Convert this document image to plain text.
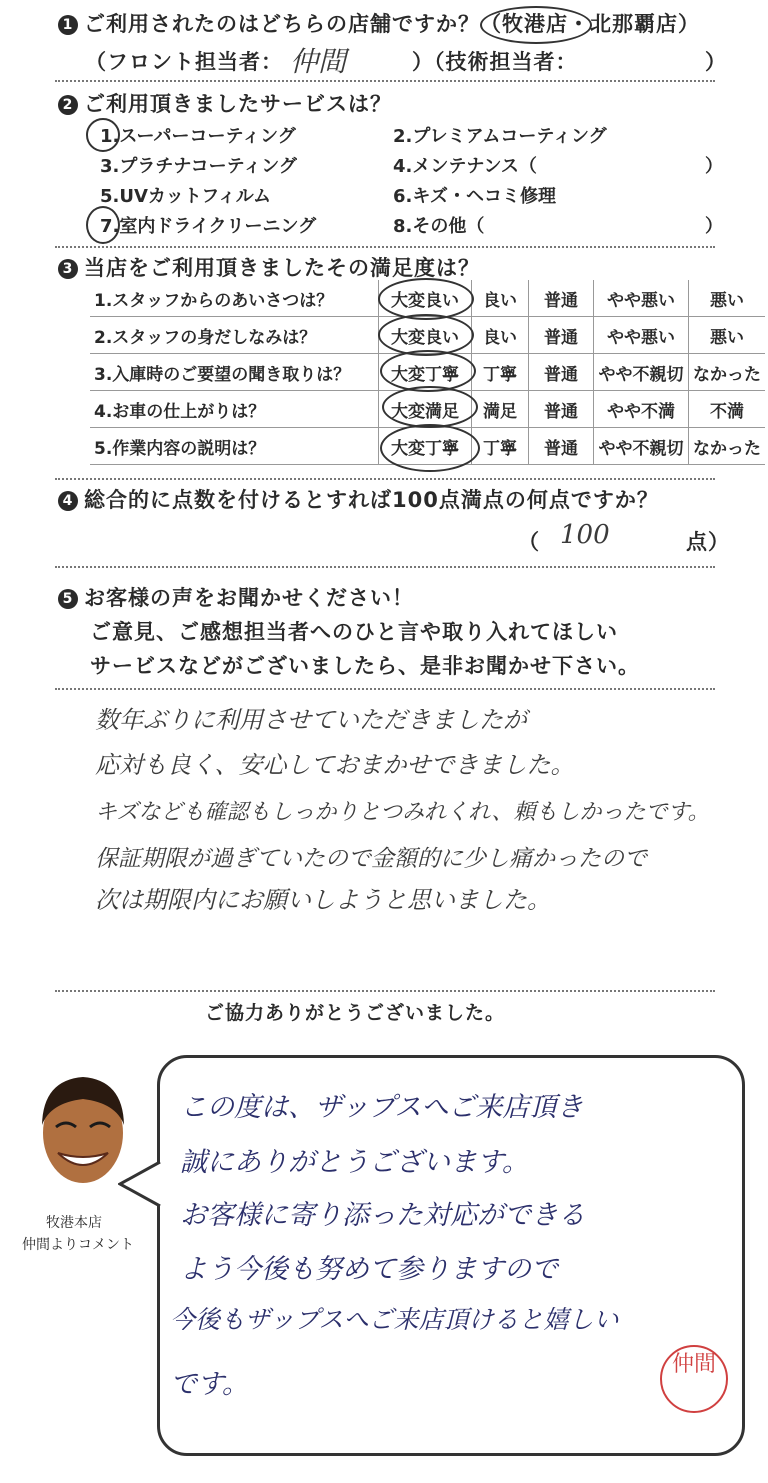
1 ご利用されたのはどちらの店舗ですか？（牧港店・北那覇店）
（フロント担当者： 仲間	）（技術担当者：	）
2 ご利用頂きましたサービスは？
1.スーパーコーティング	2.プレミアムコーティング
3.プラチナコーティング	4.メンテナンス（	）
5.UVカットフィルム	6.キズ・ヘコミ修理
7.室内ドライクリーニング	8.その他（	）
3 当店をご利用頂きましたその満足度は？
1.スタッフからのあいさつは？	大変良い	良い	普通	やや悪い	悪い
2.スタッフの身だしなみは？	大変良い	良い	普通	やや悪い	悪い
3.入庫時のご要望の聞き取りは？	大変丁寧	丁寧	普通	やや不親切	なかった
4.お車の仕上がりは？	大変満足	満足	普通	やや不満	不満
5.作業内容の説明は？	大変丁寧	丁寧	普通	やや不親切	なかった
4 総合的に点数を付けるとすれば100点満点の何点ですか？
（ 100	点）
5 お客様の声をお聞かせください！
ご意見、ご感想担当者へのひと言や取り入れてほしい
サービスなどがございましたら、是非お聞かせ下さい。
数年ぶりに利用させていただきましたが
応対も良く、安心しておまかせできました。
キズなども確認もしっかりとつみれくれ、頼もしかったです。
保証期限が過ぎていたので金額的に少し痛かったので
次は期限内にお願いしようと思いました。
ご協力ありがとうございました。
牧港本店
仲間よりコメント
この度は、ザップスへご来店頂き
誠にありがとうございます。
お客様に寄り添った対応ができる
よう今後も努めて参りますので
今後もザップスへご来店頂けると嬉しい
です。
仲間
